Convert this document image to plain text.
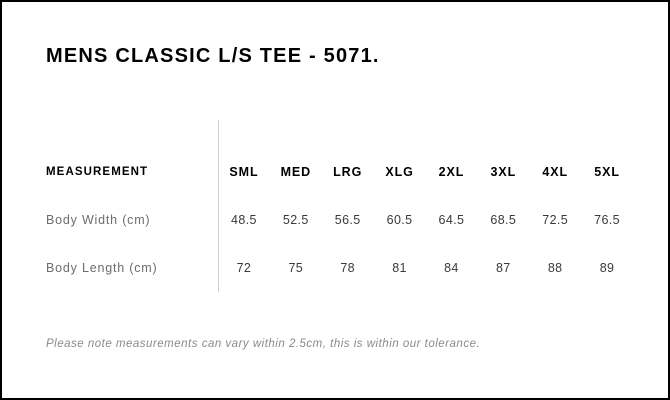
MENS CLASSIC L/S TEE - 5071.
MEASUREMENT	SML	MED	LRG	XLG	2XL	3XL	4XL	5XL
Body Width (cm)	48.5	52.5	56.5	60.5	64.5	68.5	72.5	76.5
Body Length (cm)	72	75	78	81	84	87	88	89
Please note measurements can vary within 2.5cm, this is within our tolerance.
